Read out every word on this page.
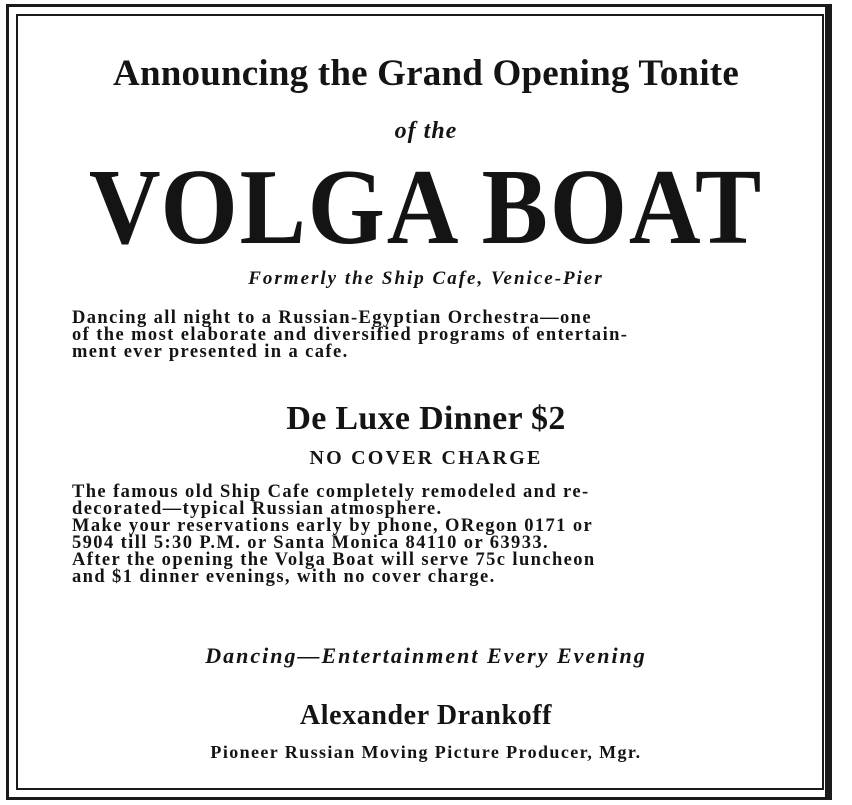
Announcing the Grand Opening Tonite
of the
VOLGA BOAT
Formerly the Ship Cafe, Venice-Pier
Dancing all night to a Russian-Egyptian Orchestra—one
of the most elaborate and diversified programs of entertain-
ment ever presented in a cafe.
De Luxe Dinner $2
NO COVER CHARGE
The famous old Ship Cafe completely remodeled and re-
decorated—typical Russian atmosphere.
Make your reservations early by phone, ORegon 0171 or
5904 till 5:30 P.M. or Santa Monica 84110 or 63933.
After the opening the Volga Boat will serve 75c luncheon
and $1 dinner evenings, with no cover charge.
Dancing—Entertainment Every Evening
Alexander Drankoff
Pioneer Russian Moving Picture Producer, Mgr.
